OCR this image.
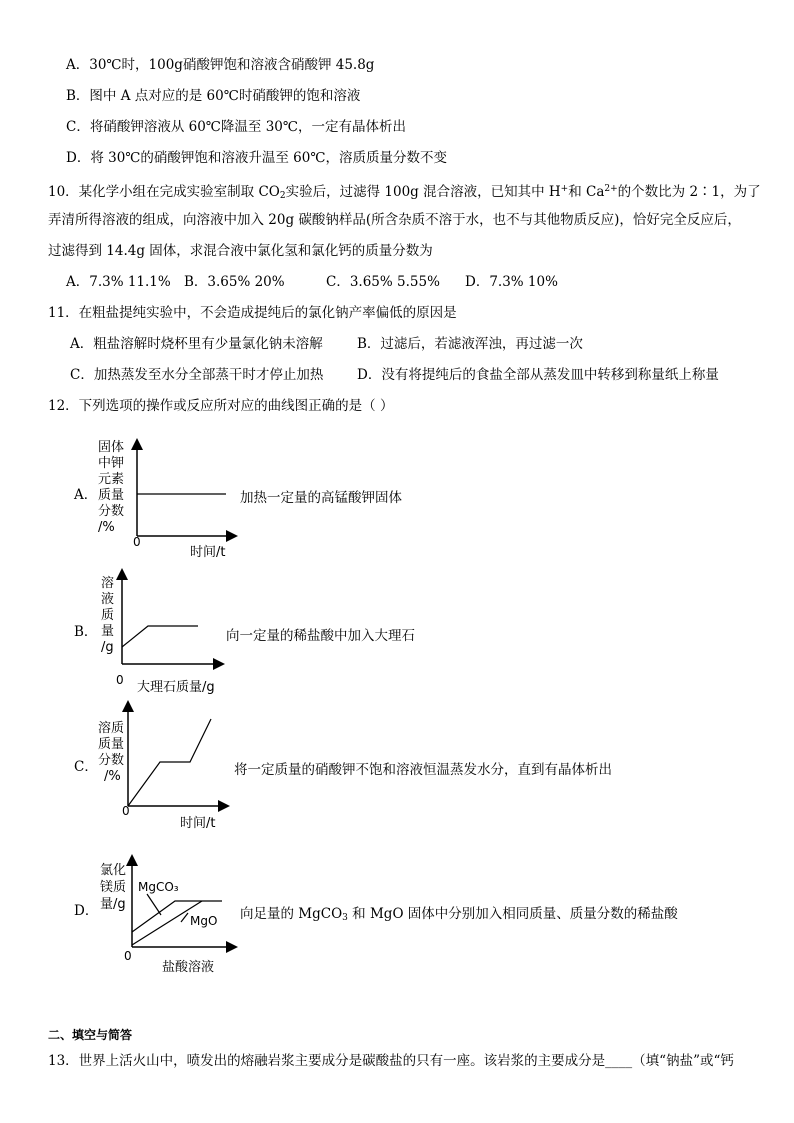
A．30℃时，100g硝酸钾饱和溶液含硝酸钾 45.8g
B．图中 A 点对应的是 60℃时硝酸钾的饱和溶液
C．将硝酸钾溶液从 60℃降温至 30℃，一定有晶体析出
D．将 30℃的硝酸钾饱和溶液升温至 60℃，溶质质量分数不变
10．某化学小组在完成实验室制取 $CO_2$实验后，过滤得 100g 混合溶液，已知其中 H+和 $Ca^{2+}$的个数比为 2∶1，为了
弄清所得溶液的组成，向溶液中加入 20g 碳酸钠样品(所含杂质不溶于水，也不与其他物质反应)，恰好完全反应后，
过滤得到 14.4g 固体，求混合液中氯化氢和氯化钙的质量分数为
A．7.3% 11.1% B．3.65% 20%	C．3.65% 5.55% D．7.3% 10%
11．在粗盐提纯实验中，不会造成提纯后的氯化钠产率偏低的原因是
A．粗盐溶解时烧杯里有少量氯化钠未溶解	B．过滤后，若滤液浑浊，再过滤一次
C．加热蒸发至水分全部蒸干时才停止加热 D．没有将提纯后的食盐全部从蒸发皿中转移到称量纸上称量
12．下列选项的操作或反应所对应的曲线图正确的是（ ）
A．
固体
中钾
元素
质量
分数
/%
0
时间/t
加热一定量的高锰酸钾固体
B．
溶
液
质
量
/g
0 大理石质量/g
向一定量的稀盐酸中加入大理石
C．
溶质
质量
分数
/%
0
时间/t
将一定质量的硝酸钾不饱和溶液恒温蒸发水分，直到有晶体析出
D．
氯化
镁质
量/g
0
盐酸溶液
MgCO₃
MgO 向足量的 MgCO$_3$ 和 MgO 固体中分别加入相同质量、质量分数的稀盐酸
二、填空与简答
13．世界上活火山中，喷发出的熔融岩浆主要成分是碳酸盐的只有一座。该岩浆的主要成分是____（填“钠盐”或“钙
